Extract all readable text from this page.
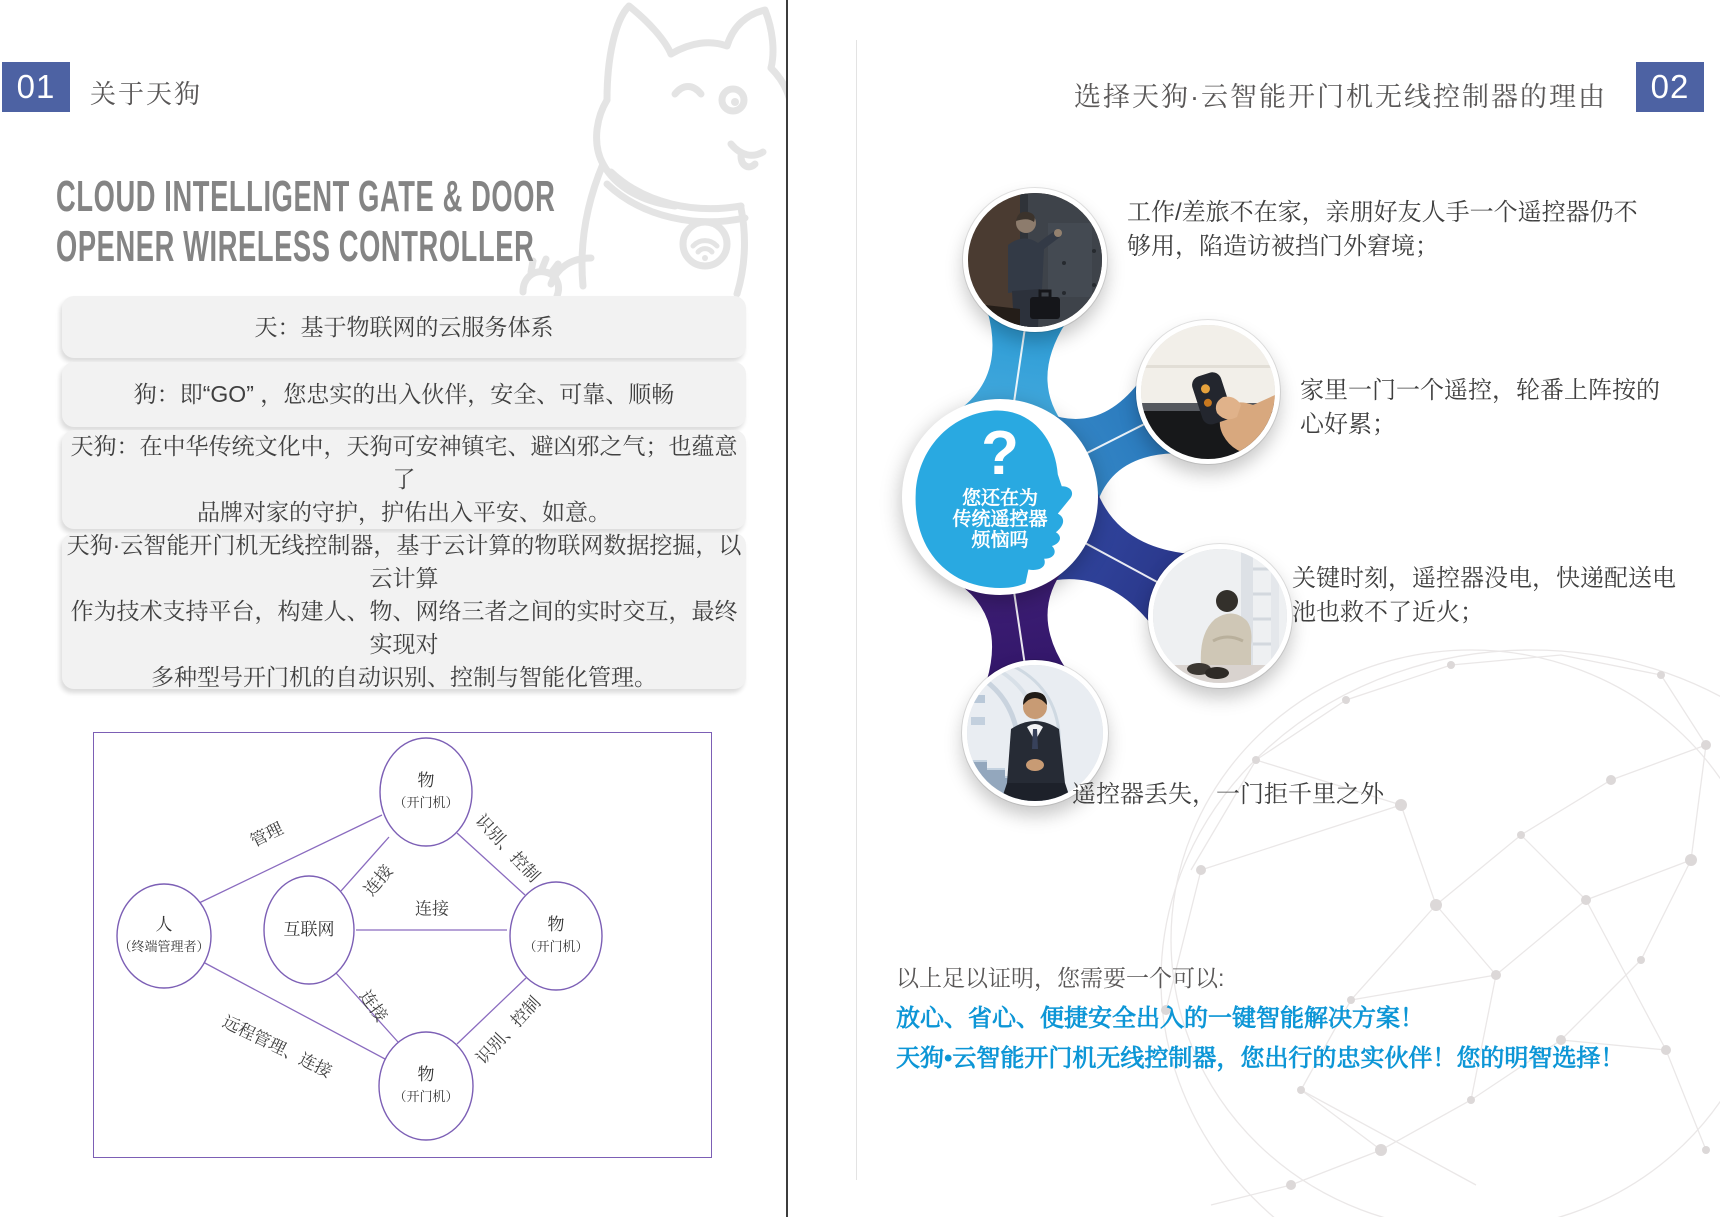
01 关于天狗
CLOUD INTELLIGENT GATE & DOOR
OPENER WIRELESS CONTROLLER
天：基于物联网的云服务体系
狗：即“GO” ，您忠实的出入伙伴，安全、可靠、顺畅
天狗：在中华传统文化中，天狗可安神镇宅、避凶邪之气；也蕴意了
品牌对家的守护，护佑出入平安、如意。
天狗·云智能开门机无线控制器，基于云计算的物联网数据挖掘，以云计算
作为技术支持平台，构建人、物、网络三者之间的实时交互，最终实现对
多种型号开门机的自动识别、控制与智能化管理。
物
（开门机）
人
（终端管理者）
互联网	物
（开门机）
物
（开门机）
管理
连接
连接
识别、控制
远程管理、连接
连接	识别、控制
选择天狗·云智能开门机无线控制器的理由 02
?
您还在为
传统遥控器
烦恼吗
工作/差旅不在家，亲朋好友人手一个遥控器仍不
够用，陷造访被挡门外窘境；
家里一门一个遥控，轮番上阵按的
心好累；
关键时刻，遥控器没电，快递配送电
池也救不了近火；
遥控器丢失，一门拒千里之外
以上足以证明，您需要一个可以:
放心、省心、便捷安全出入的一键智能解决方案！
天狗•云智能开门机无线控制器，您出行的忠实伙伴！您的明智选择！
